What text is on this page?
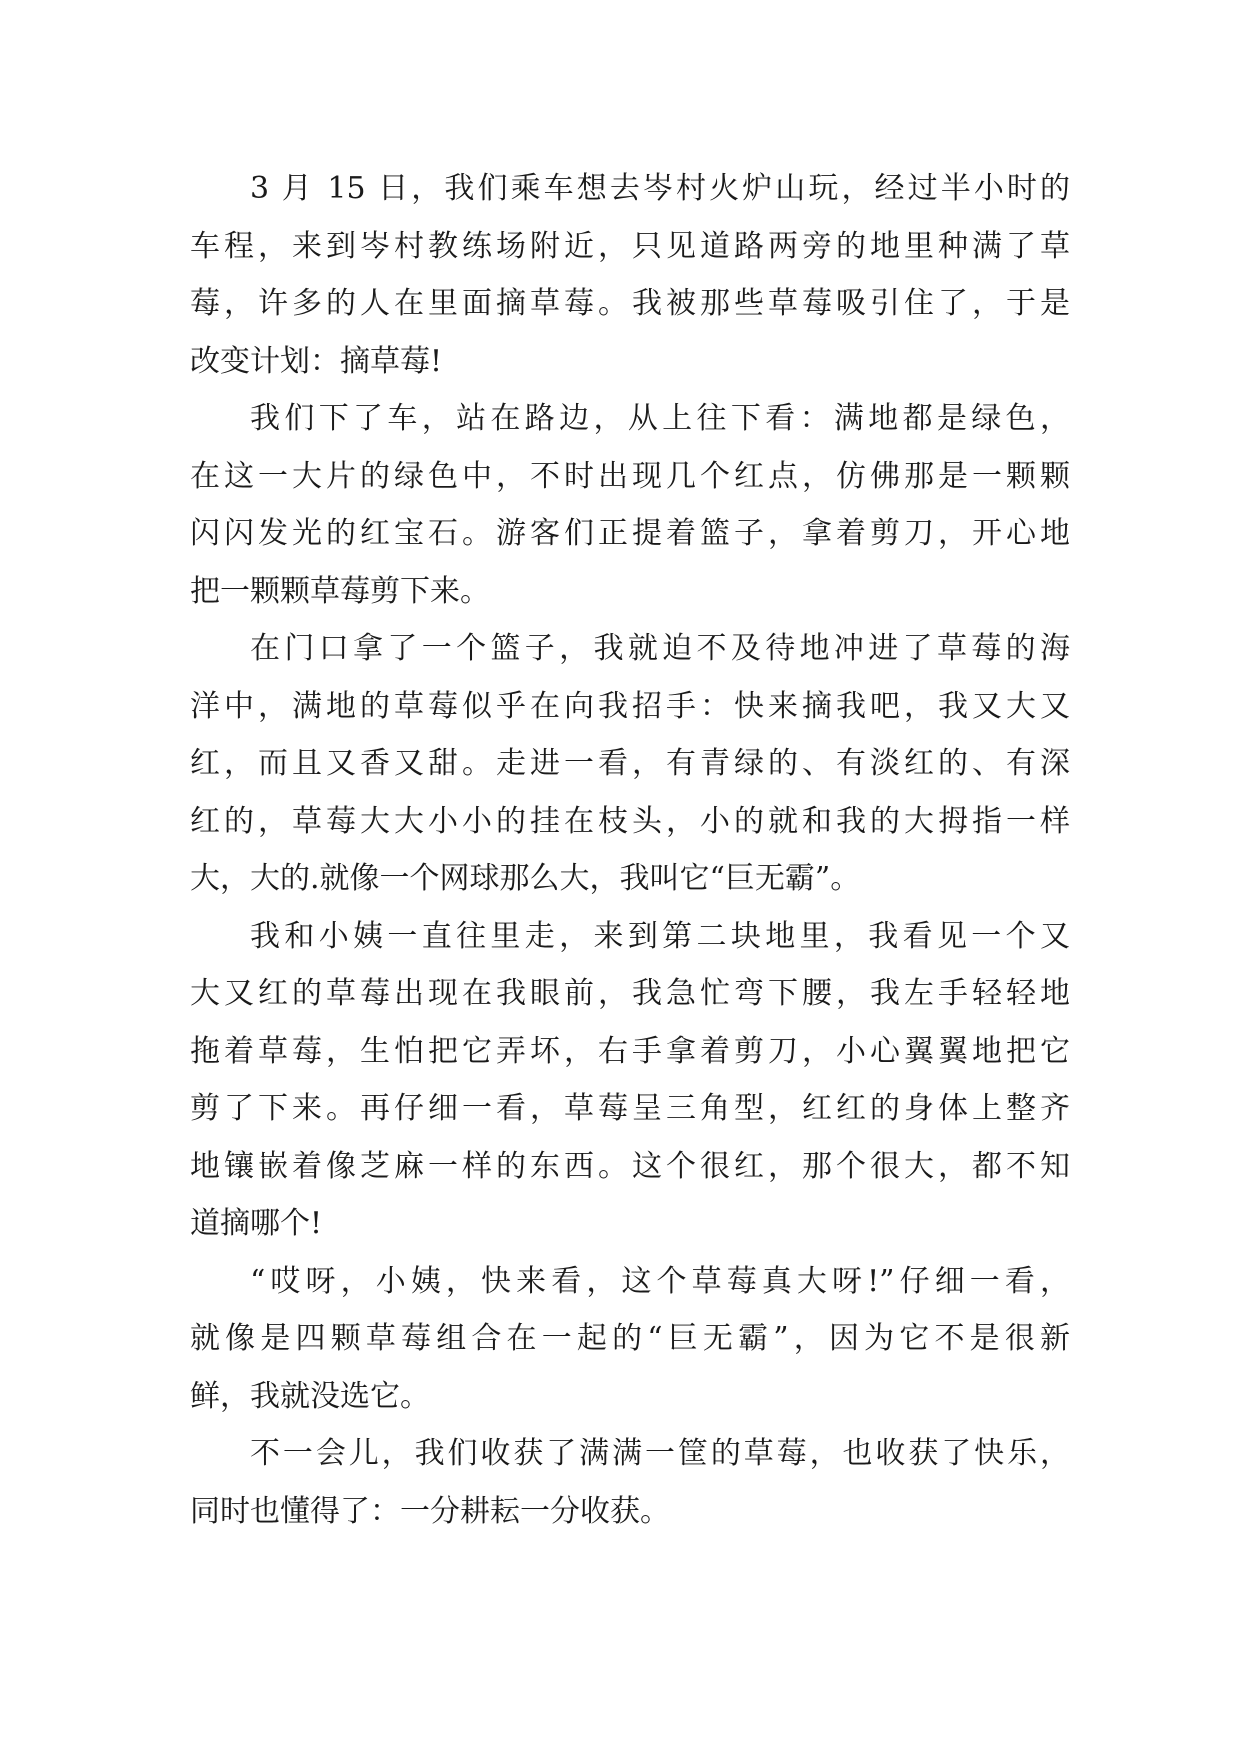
3 月 15 日，我们乘车想去岑村火炉山玩，经过半小时的
车程，来到岑村教练场附近，只见道路两旁的地里种满了草
莓，许多的人在里面摘草莓。我被那些草莓吸引住了，于是
改变计划：摘草莓!
我们下了车，站在路边，从上往下看：满地都是绿色，
在这一大片的绿色中，不时出现几个红点，仿佛那是一颗颗
闪闪发光的红宝石。游客们正提着篮子，拿着剪刀，开心地
把一颗颗草莓剪下来。
在门口拿了一个篮子，我就迫不及待地冲进了草莓的海
洋中，满地的草莓似乎在向我招手：快来摘我吧，我又大又
红，而且又香又甜。走进一看，有青绿的、有淡红的、有深
红的，草莓大大小小的挂在枝头，小的就和我的大拇指一样
大，大的.就像一个网球那么大，我叫它“巨无霸”。
我和小姨一直往里走，来到第二块地里，我看见一个又
大又红的草莓出现在我眼前，我急忙弯下腰，我左手轻轻地
拖着草莓，生怕把它弄坏，右手拿着剪刀，小心翼翼地把它
剪了下来。再仔细一看，草莓呈三角型，红红的身体上整齐
地镶嵌着像芝麻一样的东西。这个很红，那个很大，都不知
道摘哪个!
“哎呀，小姨，快来看，这个草莓真大呀!”仔细一看，
就像是四颗草莓组合在一起的“巨无霸”，因为它不是很新
鲜，我就没选它。
不一会儿，我们收获了满满一筐的草莓，也收获了快乐，
同时也懂得了：一分耕耘一分收获。
